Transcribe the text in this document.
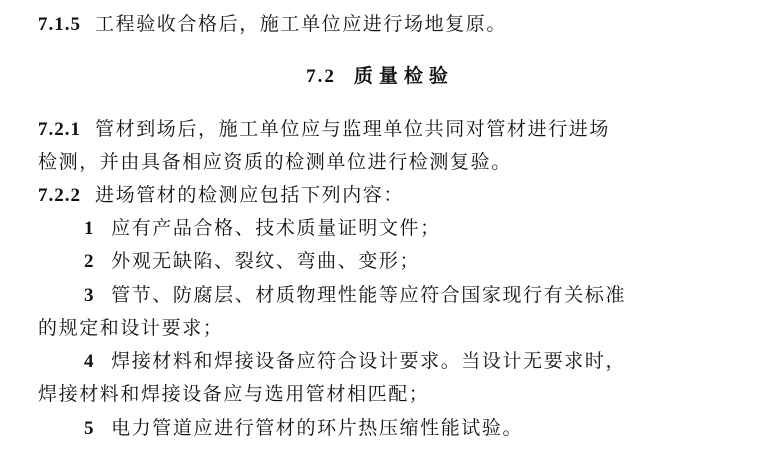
7.1.5 工程验收合格后，施工单位应进行场地复原。
7.2 质量检验
7.2.1 管材到场后，施工单位应与监理单位共同对管材进行进场
检测，并由具备相应资质的检测单位进行检测复验。
7.2.2 进场管材的检测应包括下列内容：
1 应有产品合格、技术质量证明文件；
2 外观无缺陷、裂纹、弯曲、变形；
3 管节、防腐层、材质物理性能等应符合国家现行有关标准
的规定和设计要求；
4 焊接材料和焊接设备应符合设计要求。当设计无要求时，
焊接材料和焊接设备应与选用管材相匹配；
5 电力管道应进行管材的环片热压缩性能试验。
